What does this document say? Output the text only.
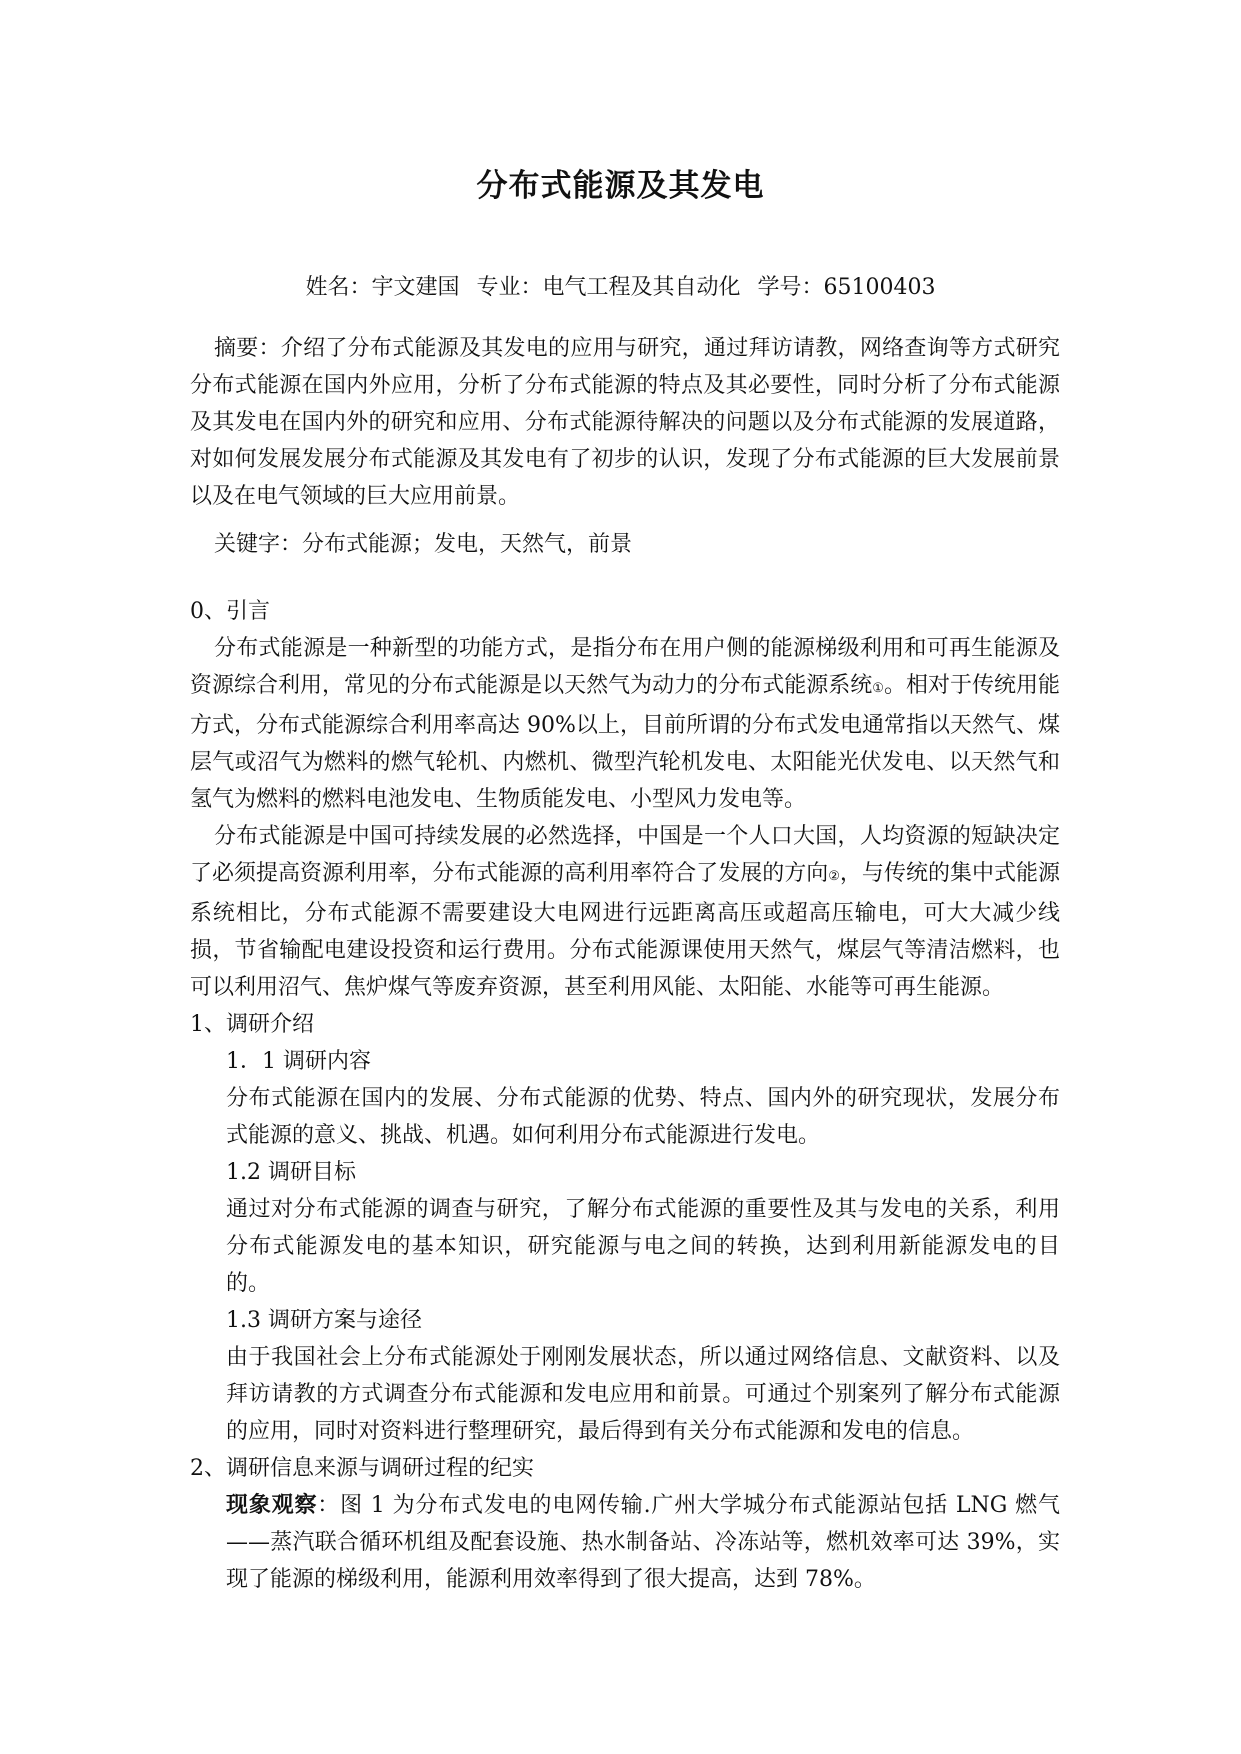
分布式能源及其发电
姓名：宇文建国 专业：电气工程及其自动化 学号：65100403

摘要：介绍了分布式能源及其发电的应用与研究，通过拜访请教，网络查询等方式研究分布式能源在国内外应用，分析了分布式能源的特点及其必要性，同时分析了分布式能源及其发电在国内外的研究和应用、分布式能源待解决的问题以及分布式能源的发展道路，对如何发展发展分布式能源及其发电有了初步的认识，发现了分布式能源的巨大发展前景以及在电气领域的巨大应用前景。

关键字：分布式能源；发电，天然气，前景

0、引言

分布式能源是一种新型的功能方式，是指分布在用户侧的能源梯级利用和可再生能源及资源综合利用，常见的分布式能源是以天然气为动力的分布式能源系统①。相对于传统用能方式，分布式能源综合利用率高达 90%以上，目前所谓的分布式发电通常指以天然气、煤层气或沼气为燃料的燃气轮机、内燃机、微型汽轮机发电、太阳能光伏发电、以天然气和氢气为燃料的燃料电池发电、生物质能发电、小型风力发电等。

分布式能源是中国可持续发展的必然选择，中国是一个人口大国，人均资源的短缺决定了必须提高资源利用率，分布式能源的高利用率符合了发展的方向②，与传统的集中式能源系统相比，分布式能源不需要建设大电网进行远距离高压或超高压输电，可大大减少线损，节省输配电建设投资和运行费用。分布式能源课使用天然气，煤层气等清洁燃料，也可以利用沼气、焦炉煤气等废弃资源，甚至利用风能、太阳能、水能等可再生能源。

1、调研介绍

1．1 调研内容

分布式能源在国内的发展、分布式能源的优势、特点、国内外的研究现状，发展分布式能源的意义、挑战、机遇。如何利用分布式能源进行发电。

1.2 调研目标

通过对分布式能源的调查与研究，了解分布式能源的重要性及其与发电的关系，利用分布式能源发电的基本知识，研究能源与电之间的转换，达到利用新能源发电的目的。

1.3 调研方案与途径

由于我国社会上分布式能源处于刚刚发展状态，所以通过网络信息、文献资料、以及拜访请教的方式调查分布式能源和发电应用和前景。可通过个别案列了解分布式能源的应用，同时对资料进行整理研究，最后得到有关分布式能源和发电的信息。

2、调研信息来源与调研过程的纪实

现象观察：图 1 为分布式发电的电网传输.广州大学城分布式能源站包括 LNG 燃气——蒸汽联合循环机组及配套设施、热水制备站、冷冻站等，燃机效率可达 39%，实现了能源的梯级利用，能源利用效率得到了很大提高，达到 78%。
